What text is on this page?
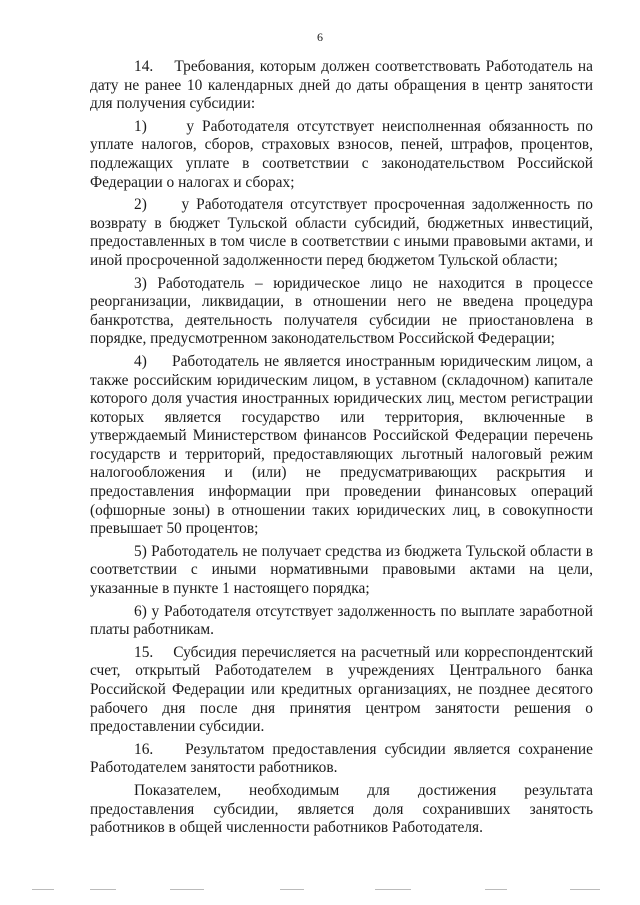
6

14.    Требования, которым должен соответствовать Работодатель на дату не ранее 10 календарных дней до даты обращения в центр занятости для получения субсидии:

1)     у Работодателя отсутствует неисполненная обязанность по уплате налогов, сборов, страховых взносов, пеней, штрафов, процентов, подлежащих уплате в соответствии с законодательством Российской Федерации о налогах и сборах;

2)     у Работодателя отсутствует просроченная задолженность по возврату в бюджет Тульской области субсидий, бюджетных инвестиций, предоставленных в том числе в соответствии с иными правовыми актами, и иной просроченной задолженности перед бюджетом Тульской области;

3) Работодатель – юридическое лицо не находится в процессе реорганизации, ликвидации, в отношении него не введена процедура банкротства, деятельность получателя субсидии не приостановлена в порядке, предусмотренном законодательством Российской Федерации;

4)     Работодатель не является иностранным юридическим лицом, а также российским юридическим лицом, в уставном (складочном) капитале которого доля участия иностранных юридических лиц, местом регистрации которых является государство или территория, включенные в утверждаемый Министерством финансов Российской Федерации перечень государств и территорий, предоставляющих льготный налоговый режим налогообложения и (или) не предусматривающих раскрытия и предоставления информации при проведении финансовых операций (офшорные зоны) в отношении таких юридических лиц, в совокупности превышает 50 процентов;

5) Работодатель не получает средства из бюджета Тульской области в соответствии с иными нормативными правовыми актами на цели, указанные в пункте 1 настоящего порядка;

6) у Работодателя отсутствует задолженность по выплате заработной платы работникам.

15.    Субсидия перечисляется на расчетный или корреспондентский счет, открытый Работодателем в учреждениях Центрального банка Российской Федерации или кредитных организациях, не позднее десятого рабочего дня после дня принятия центром занятости решения о предоставлении субсидии.

16.    Результатом предоставления субсидии является сохранение Работодателем занятости работников.

Показателем, необходимым для достижения результата предоставления субсидии, является доля сохранивших занятость работников в общей численности работников Работодателя.
